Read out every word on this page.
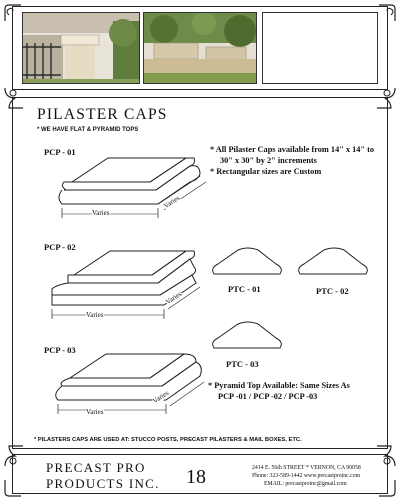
PILASTER CAPS
* WE HAVE FLAT & PYRAMID TOPS
PCP - 01
Varies
Varies
* All Pilaster Caps available from 14" x 14" to
30" x 30" by 2" increments
* Rectangular sizes are Custom
PCP - 02
Varies
Varies
PTC - 01	PTC - 02
PCP - 03
Varies
Varies
PTC - 03
* Pyramid Top Available: Same Sizes As
PCP -01 / PCP -02 / PCP -03
* PILASTERS CAPS ARE USED AT: STUCCO POSTS, PRECAST PILASTERS & MAIL BOXES, ETC.
PRECAST PRO
PRODUCTS INC. 18	2414 E. 56th STREET * VERNON, CA 90058
Phone: 323-589-1442 www.precastproinc.com
EMAIL: precastproinc@gmail.com
